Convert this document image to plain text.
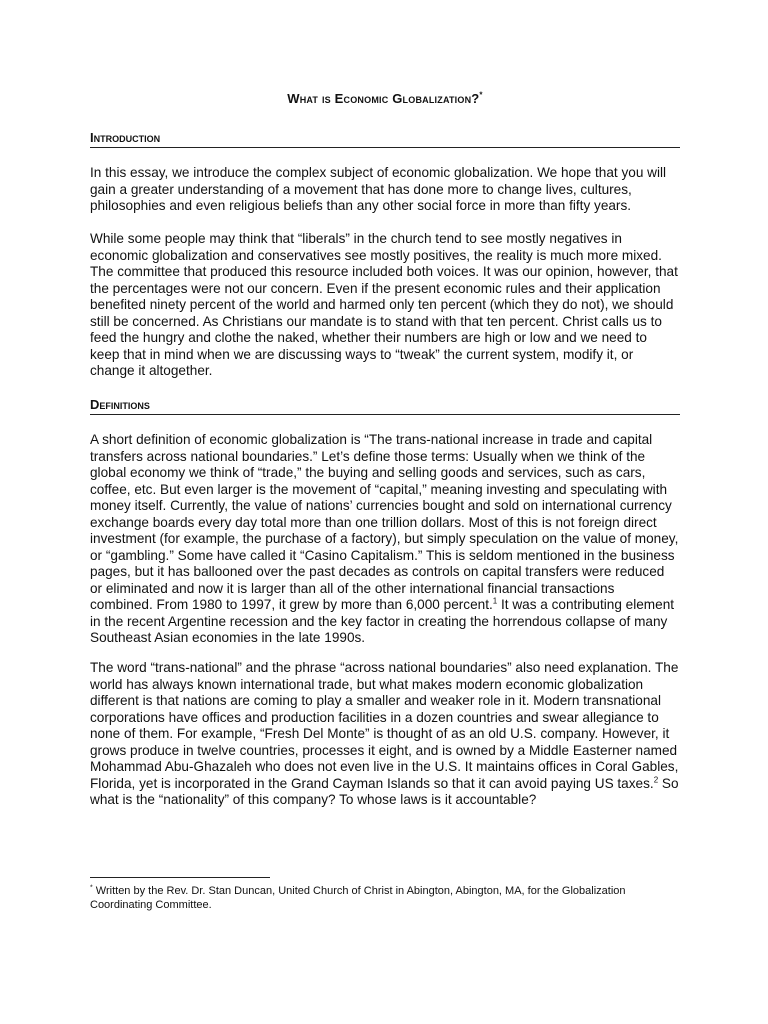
What is Economic Globalization?*
Introduction

In this essay, we introduce the complex subject of economic globalization. We hope that you will gain a greater understanding of a movement that has done more to change lives, cultures, philosophies and even religious beliefs than any other social force in more than fifty years.

While some people may think that “liberals” in the church tend to see mostly negatives in economic globalization and conservatives see mostly positives, the reality is much more mixed. The committee that produced this resource included both voices. It was our opinion, however, that the percentages were not our concern. Even if the present economic rules and their application benefited ninety percent of the world and harmed only ten percent (which they do not), we should still be concerned. As Christians our mandate is to stand with that ten percent. Christ calls us to feed the hungry and clothe the naked, whether their numbers are high or low and we need to keep that in mind when we are discussing ways to “tweak” the current system, modify it, or change it altogether.

Definitions

A short definition of economic globalization is “The trans-national increase in trade and capital transfers across national boundaries.” Let’s define those terms: Usually when we think of the global economy we think of “trade,” the buying and selling goods and services, such as cars, coffee, etc. But even larger is the movement of “capital,” meaning investing and speculating with money itself. Currently, the value of nations’ currencies bought and sold on international currency exchange boards every day total more than one trillion dollars. Most of this is not foreign direct investment (for example, the purchase of a factory), but simply speculation on the value of money, or “gambling.” Some have called it “Casino Capitalism.” This is seldom mentioned in the business pages, but it has ballooned over the past decades as controls on capital transfers were reduced or eliminated and now it is larger than all of the other international financial transactions combined. From 1980 to 1997, it grew by more than 6,000 percent.$^1$ It was a contributing element in the recent Argentine recession and the key factor in creating the horrendous collapse of many Southeast Asian economies in the late 1990s.

The word “trans-national” and the phrase “across national boundaries” also need explanation. The world has always known international trade, but what makes modern economic globalization different is that nations are coming to play a smaller and weaker role in it. Modern transnational corporations have offices and production facilities in a dozen countries and swear allegiance to none of them. For example, “Fresh Del Monte” is thought of as an old U.S. company. However, it grows produce in twelve countries, processes it eight, and is owned by a Middle Easterner named Mohammad Abu-Ghazaleh who does not even live in the U.S. It maintains offices in Coral Gables, Florida, yet is incorporated in the Grand Cayman Islands so that it can avoid paying US taxes.$^2$ So what is the “nationality” of this company? To whose laws is it accountable?

* Written by the Rev. Dr. Stan Duncan, United Church of Christ in Abington, Abington, MA, for the Globalization Coordinating Committee.
